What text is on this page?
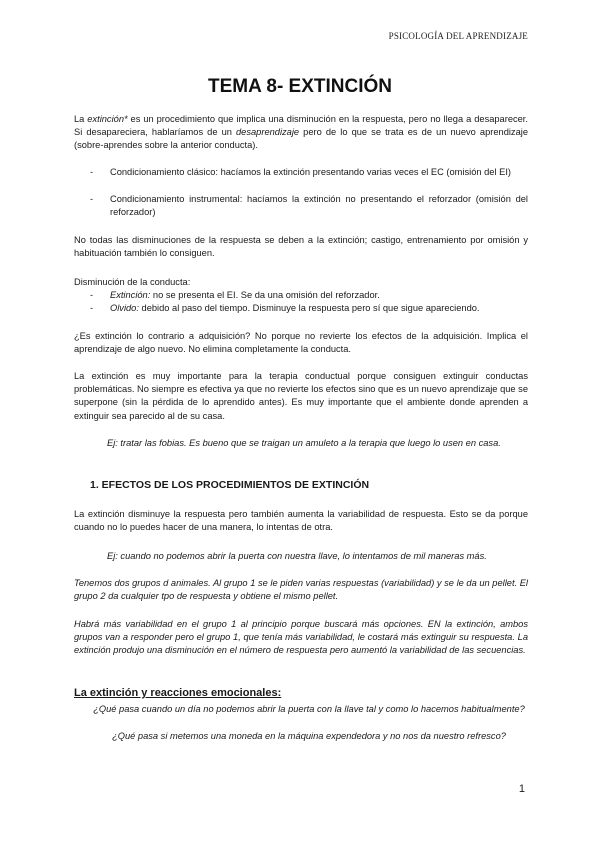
PSICOLOGÍA DEL APRENDIZAJE
TEMA 8- EXTINCIÓN
La extinción* es un procedimiento que implica una disminución en la respuesta, pero no llega a desaparecer. Si desapareciera, hablaríamos de un desaprendizaje pero de lo que se trata es de un nuevo aprendizaje (sobre-aprendes sobre la anterior conducta).
-	Condicionamiento clásico: hacíamos la extinción presentando varias veces el EC (omisión del EI)
-	Condicionamiento instrumental: hacíamos la extinción no presentando el reforzador (omisión del reforzador)
No todas las disminuciones de la respuesta se deben a la extinción; castigo, entrenamiento por omisión y habituación también lo consiguen.
Disminución de la conducta:
-	Extinción: no se presenta el EI. Se da una omisión del reforzador.
-	Olvido: debido al paso del tiempo. Disminuye la respuesta pero sí que sigue apareciendo.
¿Es extinción lo contrario a adquisición? No porque no revierte los efectos de la adquisición. Implica el aprendizaje de algo nuevo. No elimina completamente la conducta.
La extinción es muy importante para la terapia conductual porque consiguen extinguir conductas problemáticas. No siempre es efectiva ya que no revierte los efectos sino que es un nuevo aprendizaje que se superpone (sin la pérdida de lo aprendido antes). Es muy importante que el ambiente donde aprenden a extinguir sea parecido al de su casa.
Ej: tratar las fobias. Es bueno que se traigan un amuleto a la terapia que luego lo usen en casa.
1. EFECTOS DE LOS PROCEDIMIENTOS DE EXTINCIÓN
La extinción disminuye la respuesta pero también aumenta la variabilidad de respuesta. Esto se da porque cuando no lo puedes hacer de una manera, lo intentas de otra.
Ej: cuando no podemos abrir la puerta con nuestra llave, lo intentamos de mil maneras más.
Tenemos dos grupos d animales. Al grupo 1 se le piden varias respuestas (variabilidad) y se le da un pellet. El grupo 2 da cualquier tpo de respuesta y obtiene el mismo pellet.
Habrá más variabilidad en el grupo 1 al principio porque buscará más opciones. EN la extinción, ambos grupos van a responder pero el grupo 1, que tenía más variabilidad, le costará más extinguir su respuesta. La extinción produjo una disminución en el número de respuesta pero aumentó la variabilidad de las secuencias.
La extinción y reacciones emocionales:
¿Qué pasa cuando un día no podemos abrir la puerta con la llave tal y como lo hacemos habitualmente?
¿Qué pasa si metemos una moneda en la máquina expendedora y no nos da nuestro refresco?
1
